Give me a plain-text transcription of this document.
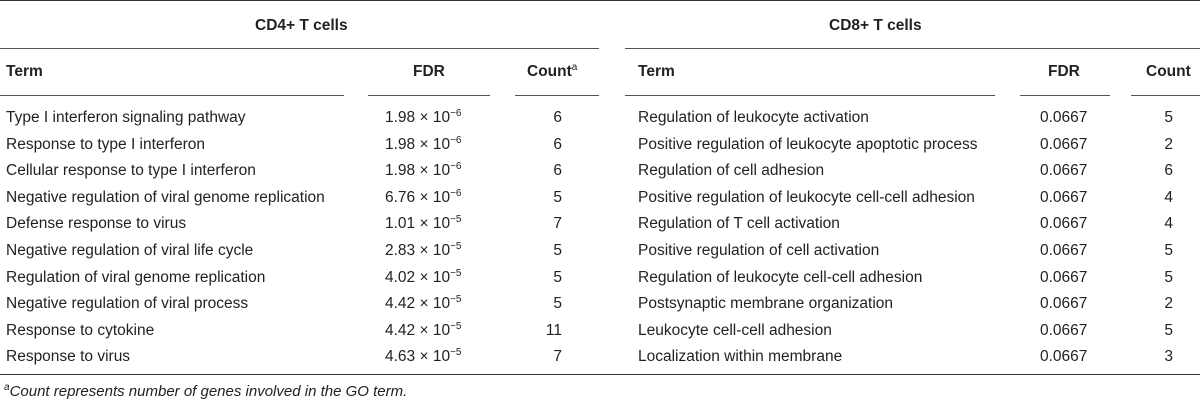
CD4+ T cells	CD8+ T cells
Term	FDR	Count$^a$	Term	FDR	Count
Type I interferon signaling pathway	$1.98 \times 10^{-6}$	6	Regulation of leukocyte activation	0.0667	5
Response to type I interferon	$1.98 \times 10^{-6}$	6	Positive regulation of leukocyte apoptotic process	0.0667	2
Cellular response to type I interferon	$1.98 \times 10^{-6}$	6	Regulation of cell adhesion	0.0667	6
Negative regulation of viral genome replication	$6.76 \times 10^{-6}$	5	Positive regulation of leukocyte cell-cell adhesion	0.0667	4
Defense response to virus	$1.01 \times 10^{-5}$	7	Regulation of T cell activation	0.0667	4
Negative regulation of viral life cycle	$2.83 \times 10^{-5}$	5	Positive regulation of cell activation	0.0667	5
Regulation of viral genome replication	$4.02 \times 10^{-5}$	5	Regulation of leukocyte cell-cell adhesion	0.0667	5
Negative regulation of viral process	$4.42 \times 10^{-5}$	5	Postsynaptic membrane organization	0.0667	2
Response to cytokine	$4.42 \times 10^{-5}$	11	Leukocyte cell-cell adhesion	0.0667	5
Response to virus	$4.63 \times 10^{-5}$	7	Localization within membrane	0.0667	3
$^a$Count represents number of genes involved in the GO term.
